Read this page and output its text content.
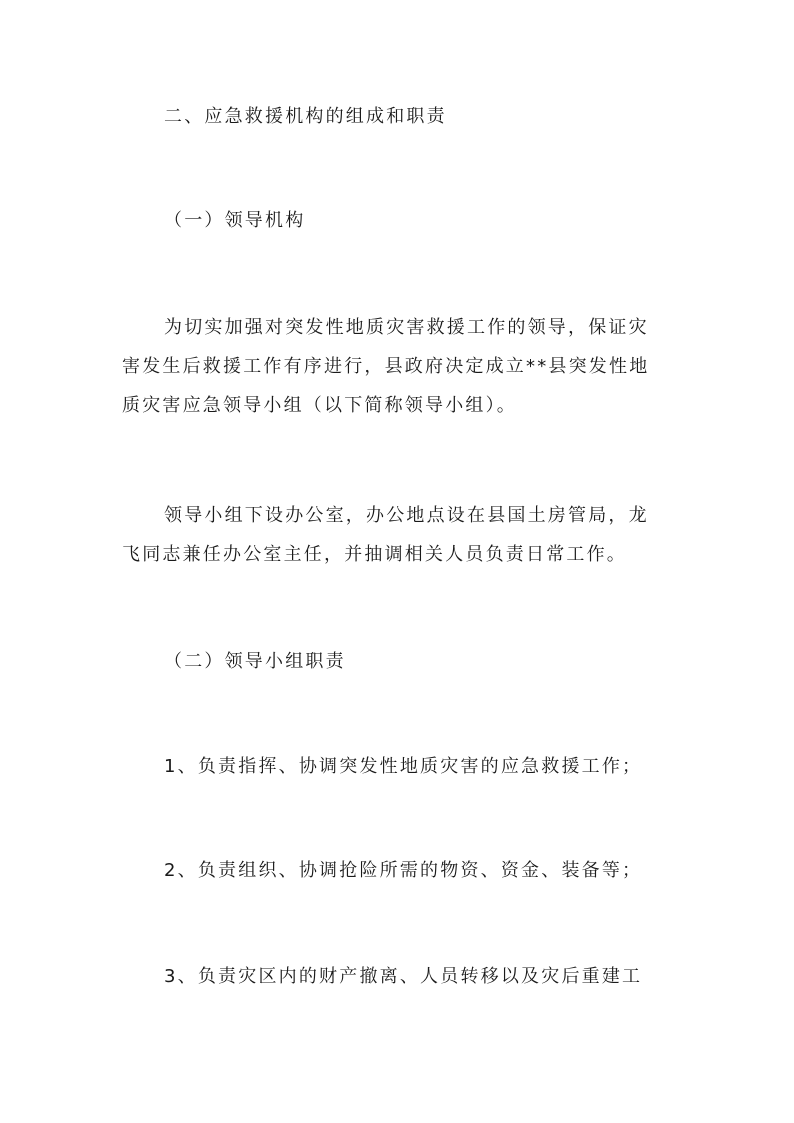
二、应急救援机构的组成和职责
（一）领导机构
为切实加强对突发性地质灾害救援工作的领导，保证灾
害发生后救援工作有序进行，县政府决定成立**县突发性地
质灾害应急领导小组（以下简称领导小组）。
领导小组下设办公室，办公地点设在县国土房管局，龙
飞同志兼任办公室主任，并抽调相关人员负责日常工作。
（二）领导小组职责
1、负责指挥、协调突发性地质灾害的应急救援工作；
2、负责组织、协调抢险所需的物资、资金、装备等；
3、负责灾区内的财产撤离、人员转移以及灾后重建工
